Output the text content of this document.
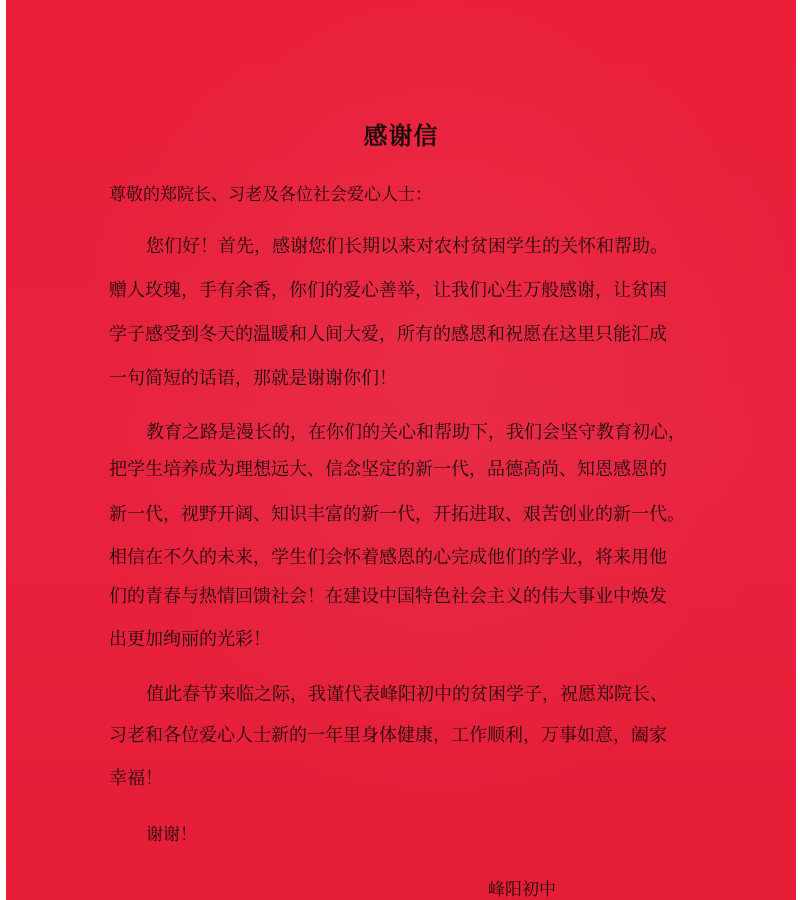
感谢信

尊敬的郑院长、习老及各位社会爱心人士：

您们好！首先，感谢您们长期以来对农村贫困学生的关怀和帮助。

赠人玫瑰，手有余香，你们的爱心善举，让我们心生万般感谢，让贫困

学子感受到冬天的温暖和人间大爱，所有的感恩和祝愿在这里只能汇成

一句简短的话语，那就是谢谢你们！

教育之路是漫长的，在你们的关心和帮助下，我们会坚守教育初心，

把学生培养成为理想远大、信念坚定的新一代，品德高尚、知恩感恩的

新一代，视野开阔、知识丰富的新一代，开拓进取、艰苦创业的新一代。

相信在不久的未来，学生们会怀着感恩的心完成他们的学业，将来用他

们的青春与热情回馈社会！在建设中国特色社会主义的伟大事业中焕发

出更加绚丽的光彩！

值此春节来临之际，我谨代表峰阳初中的贫困学子，祝愿郑院长、

习老和各位爱心人士新的一年里身体健康，工作顺利，万事如意，阖家

幸福！

谢谢！

峰阳初中
